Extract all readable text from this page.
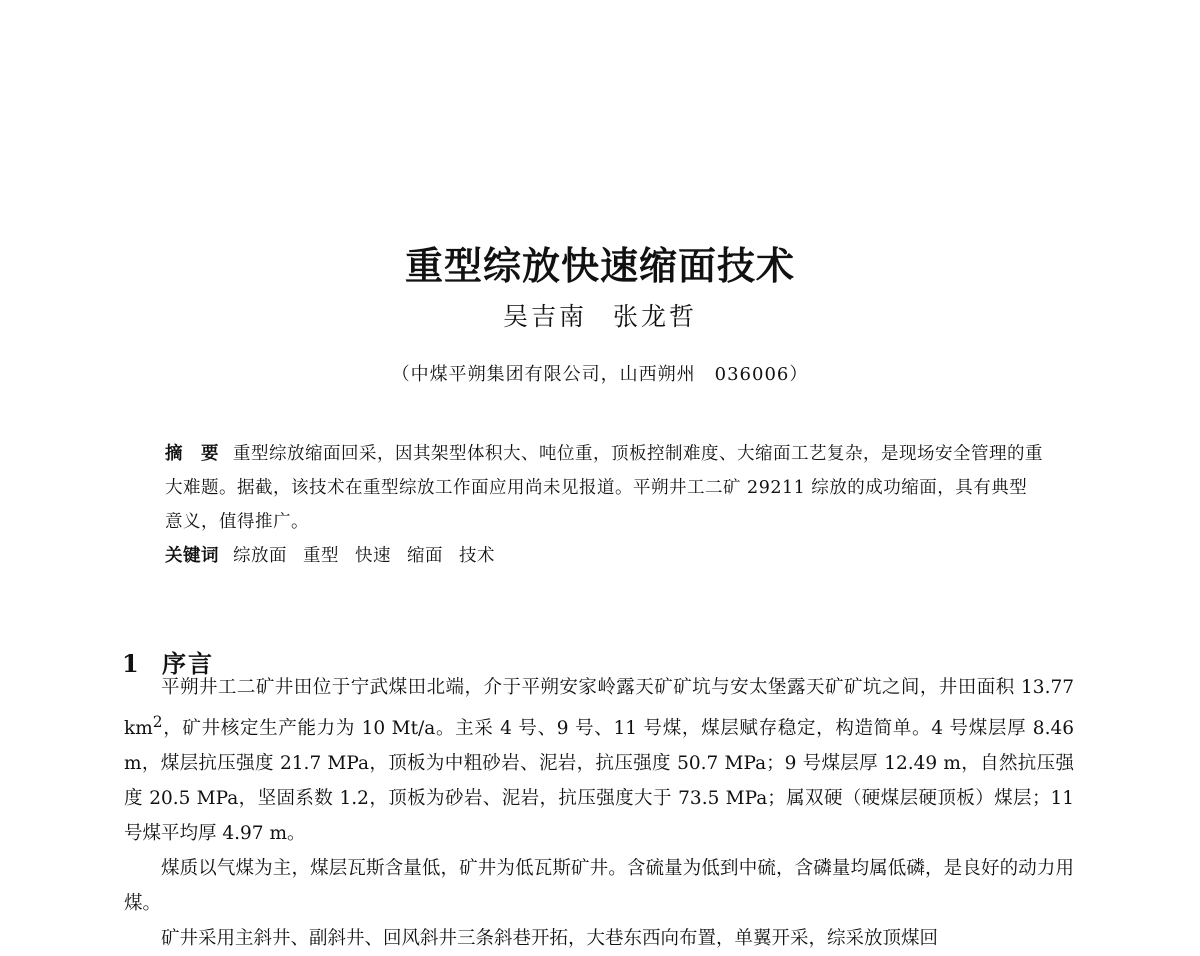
重型综放快速缩面技术
吴吉南 张龙哲
（中煤平朔集团有限公司，山西朔州　036006）

摘　要 重型综放缩面回采，因其架型体积大、吨位重，顶板控制难度、大缩面工艺复杂，是现场安全管理的重大难题。据截，该技术在重型综放工作面应用尚未见报道。平朔井工二矿 29211 综放的成功缩面，具有典型意义，值得推广。

关键词 综放面 重型 快速 缩面 技术

1 序言

平朔井工二矿井田位于宁武煤田北端，介于平朔安家岭露天矿矿坑与安太堡露天矿矿坑之间，井田面积 13.77 $km^2$，矿井核定生产能力为 10 Mt/a。主采 4 号、9 号、11 号煤，煤层赋存稳定，构造简单。4 号煤层厚 8.46 m，煤层抗压强度 21.7 MPa，顶板为中粗砂岩、泥岩，抗压强度 50.7 MPa；9 号煤层厚 12.49 m，自然抗压强度 20.5 MPa，坚固系数 1.2，顶板为砂岩、泥岩，抗压强度大于 73.5 MPa；属双硬（硬煤层硬顶板）煤层；11 号煤平均厚 4.97 m。

煤质以气煤为主，煤层瓦斯含量低，矿井为低瓦斯矿井。含硫量为低到中硫，含磷量均属低磷，是良好的动力用煤。

矿井采用主斜井、副斜井、回风斜井三条斜巷开拓，大巷东西向布置，单翼开采，综采放顶煤回
